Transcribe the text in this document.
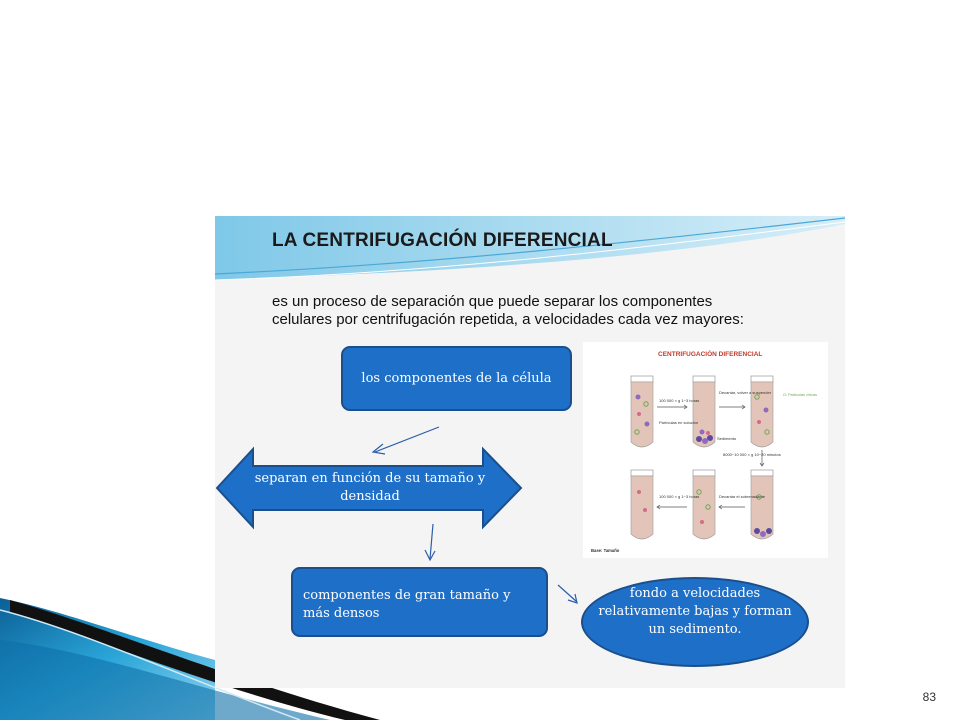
LA CENTRIFUGACIÓN DIFERENCIAL
es un proceso de separación que puede separar los componentes celulares por centrifugación repetida, a velocidades cada vez mayores:
los componentes de la célula
separan en función de su tamaño y densidad
componentes de gran tamaño y más densos
fondo a velocidades relativamente bajas y forman un sedimento.
CENTRIFUGACIÓN DIFERENCIAL
100 000 × g 1−3 horas
Partículas en solución
Decantar, volver a suspender	O: Partículas víricas
Sedimento
8000−10 000 × g 10−20 minutos
100 000 × g 1−3 horas	Decantar el sobrenadante
Base: Tamaño
83
